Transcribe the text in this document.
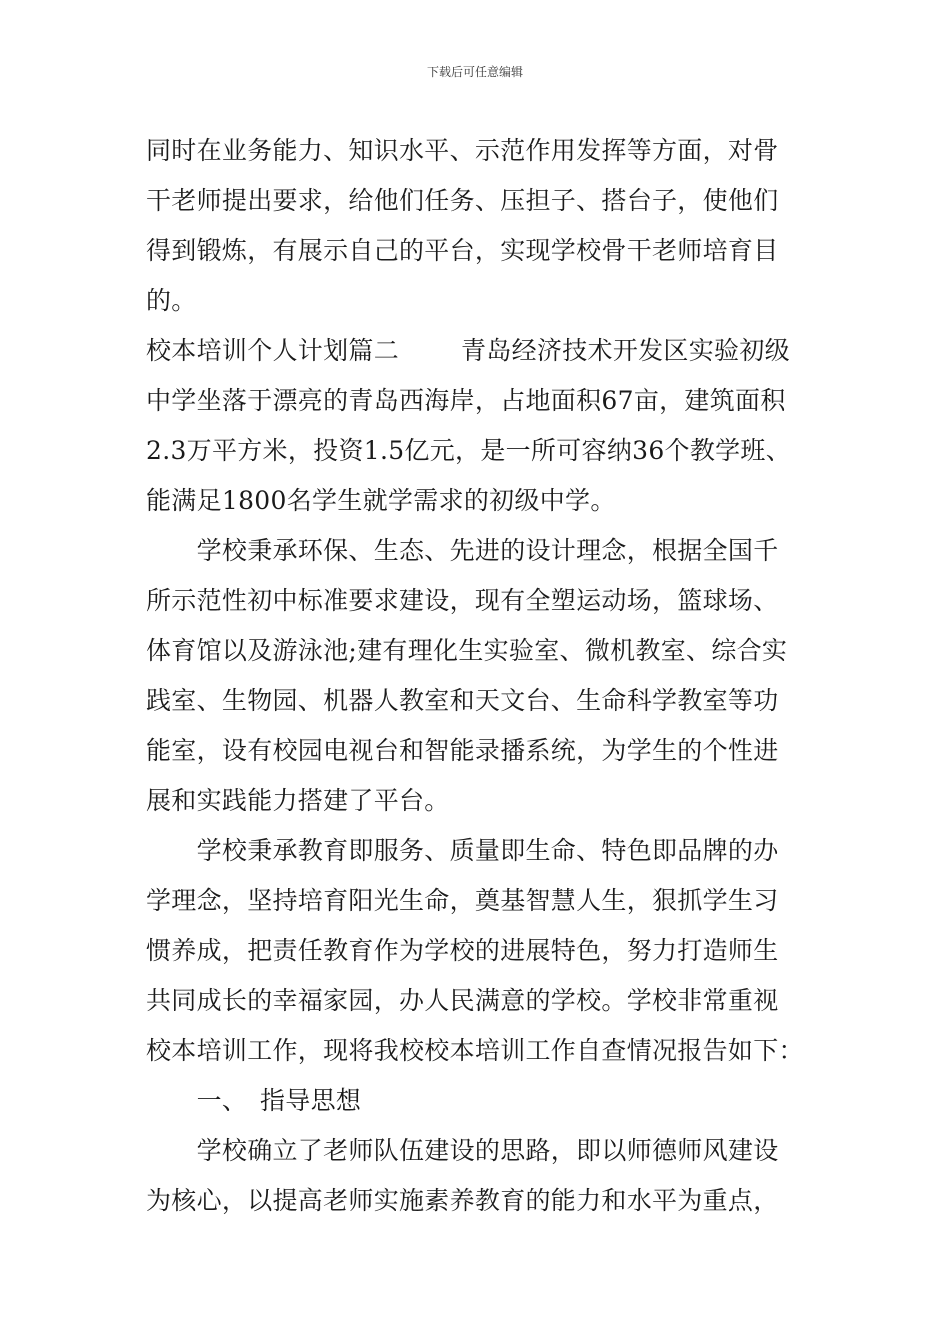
下载后可任意编辑
同时在业务能力、知识水平、示范作用发挥等方面，对骨
干老师提出要求，给他们任务、压担子、搭台子，使他们
得到锻炼，有展示自己的平台，实现学校骨干老师培育目
的。
校本培训个人计划篇二 青岛经济技术开发区实验初级
中学坐落于漂亮的青岛西海岸，占地面积67亩，建筑面积
2.3万平方米，投资1.5亿元，是一所可容纳36个教学班、
能满足1800名学生就学需求的初级中学。
　　学校秉承环保、生态、先进的设计理念，根据全国千
所示范性初中标准要求建设，现有全塑运动场，篮球场、
体育馆以及游泳池;建有理化生实验室、微机教室、综合实
践室、生物园、机器人教室和天文台、生命科学教室等功
能室，设有校园电视台和智能录播系统，为学生的个性进
展和实践能力搭建了平台。
　　学校秉承教育即服务、质量即生命、特色即品牌的办
学理念，坚持培育阳光生命，奠基智慧人生，狠抓学生习
惯养成，把责任教育作为学校的进展特色，努力打造师生
共同成长的幸福家园，办人民满意的学校。学校非常重视
校本培训工作，现将我校校本培训工作自查情况报告如下：
　　一、　指导思想
　　学校确立了老师队伍建设的思路，即以师德师风建设
为核心，以提高老师实施素养教育的能力和水平为重点，
